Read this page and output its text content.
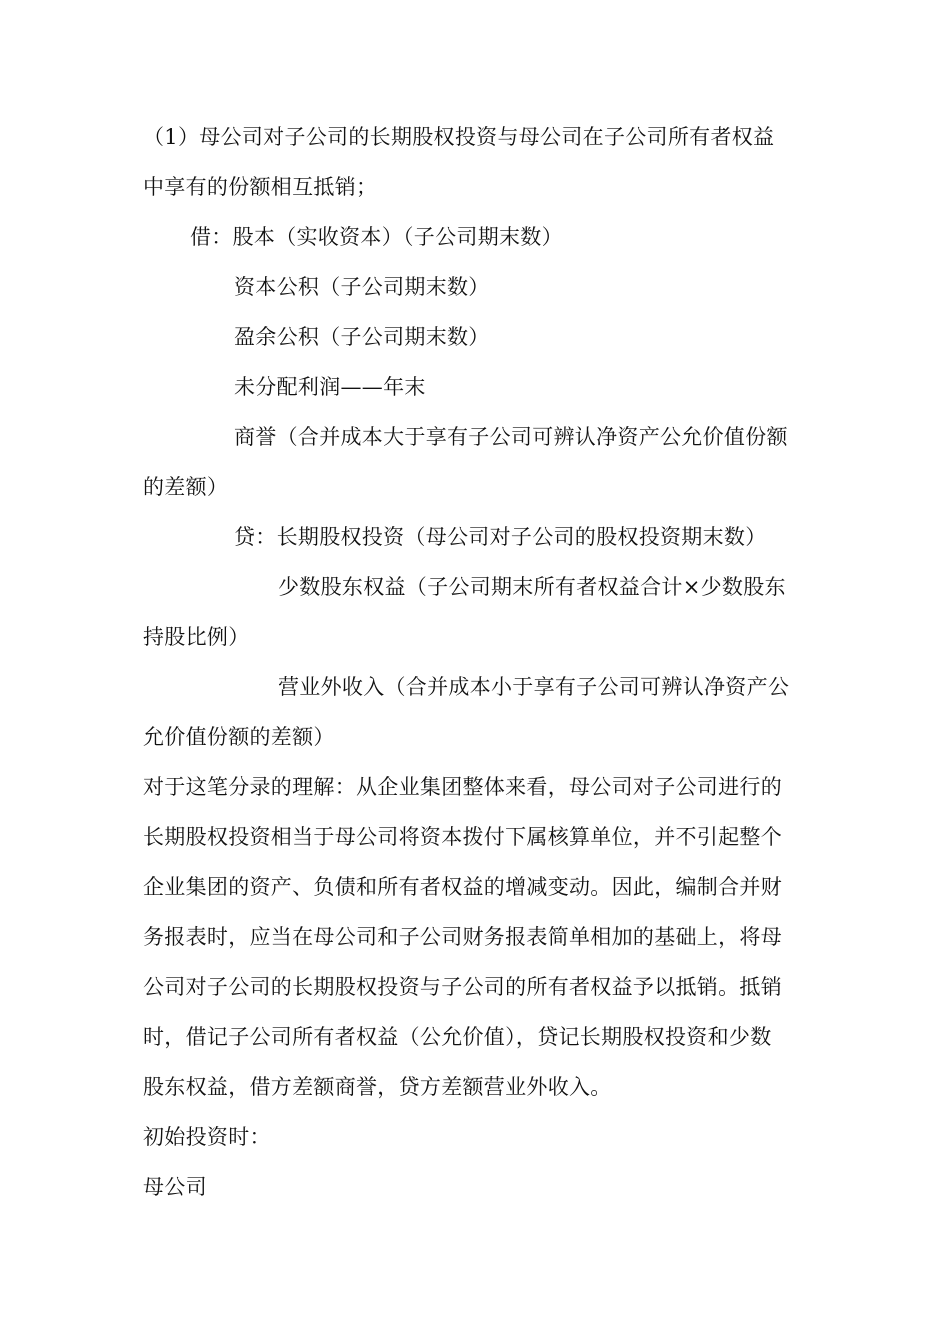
（1）母公司对子公司的长期股权投资与母公司在子公司所有者权益
中享有的份额相互抵销；
借：股本（实收资本）（子公司期末数）
资本公积（子公司期末数）
盈余公积（子公司期末数）
未分配利润——年末
商誉（合并成本大于享有子公司可辨认净资产公允价值份额
的差额）
贷：长期股权投资（母公司对子公司的股权投资期末数）
少数股东权益（子公司期末所有者权益合计×少数股东
持股比例）
营业外收入（合并成本小于享有子公司可辨认净资产公
允价值份额的差额）
对于这笔分录的理解：从企业集团整体来看，母公司对子公司进行的
长期股权投资相当于母公司将资本拨付下属核算单位，并不引起整个
企业集团的资产、负债和所有者权益的增减变动。因此，编制合并财
务报表时，应当在母公司和子公司财务报表简单相加的基础上，将母
公司对子公司的长期股权投资与子公司的所有者权益予以抵销。抵销
时，借记子公司所有者权益（公允价值），贷记长期股权投资和少数
股东权益，借方差额商誉，贷方差额营业外收入。
初始投资时：
母公司
